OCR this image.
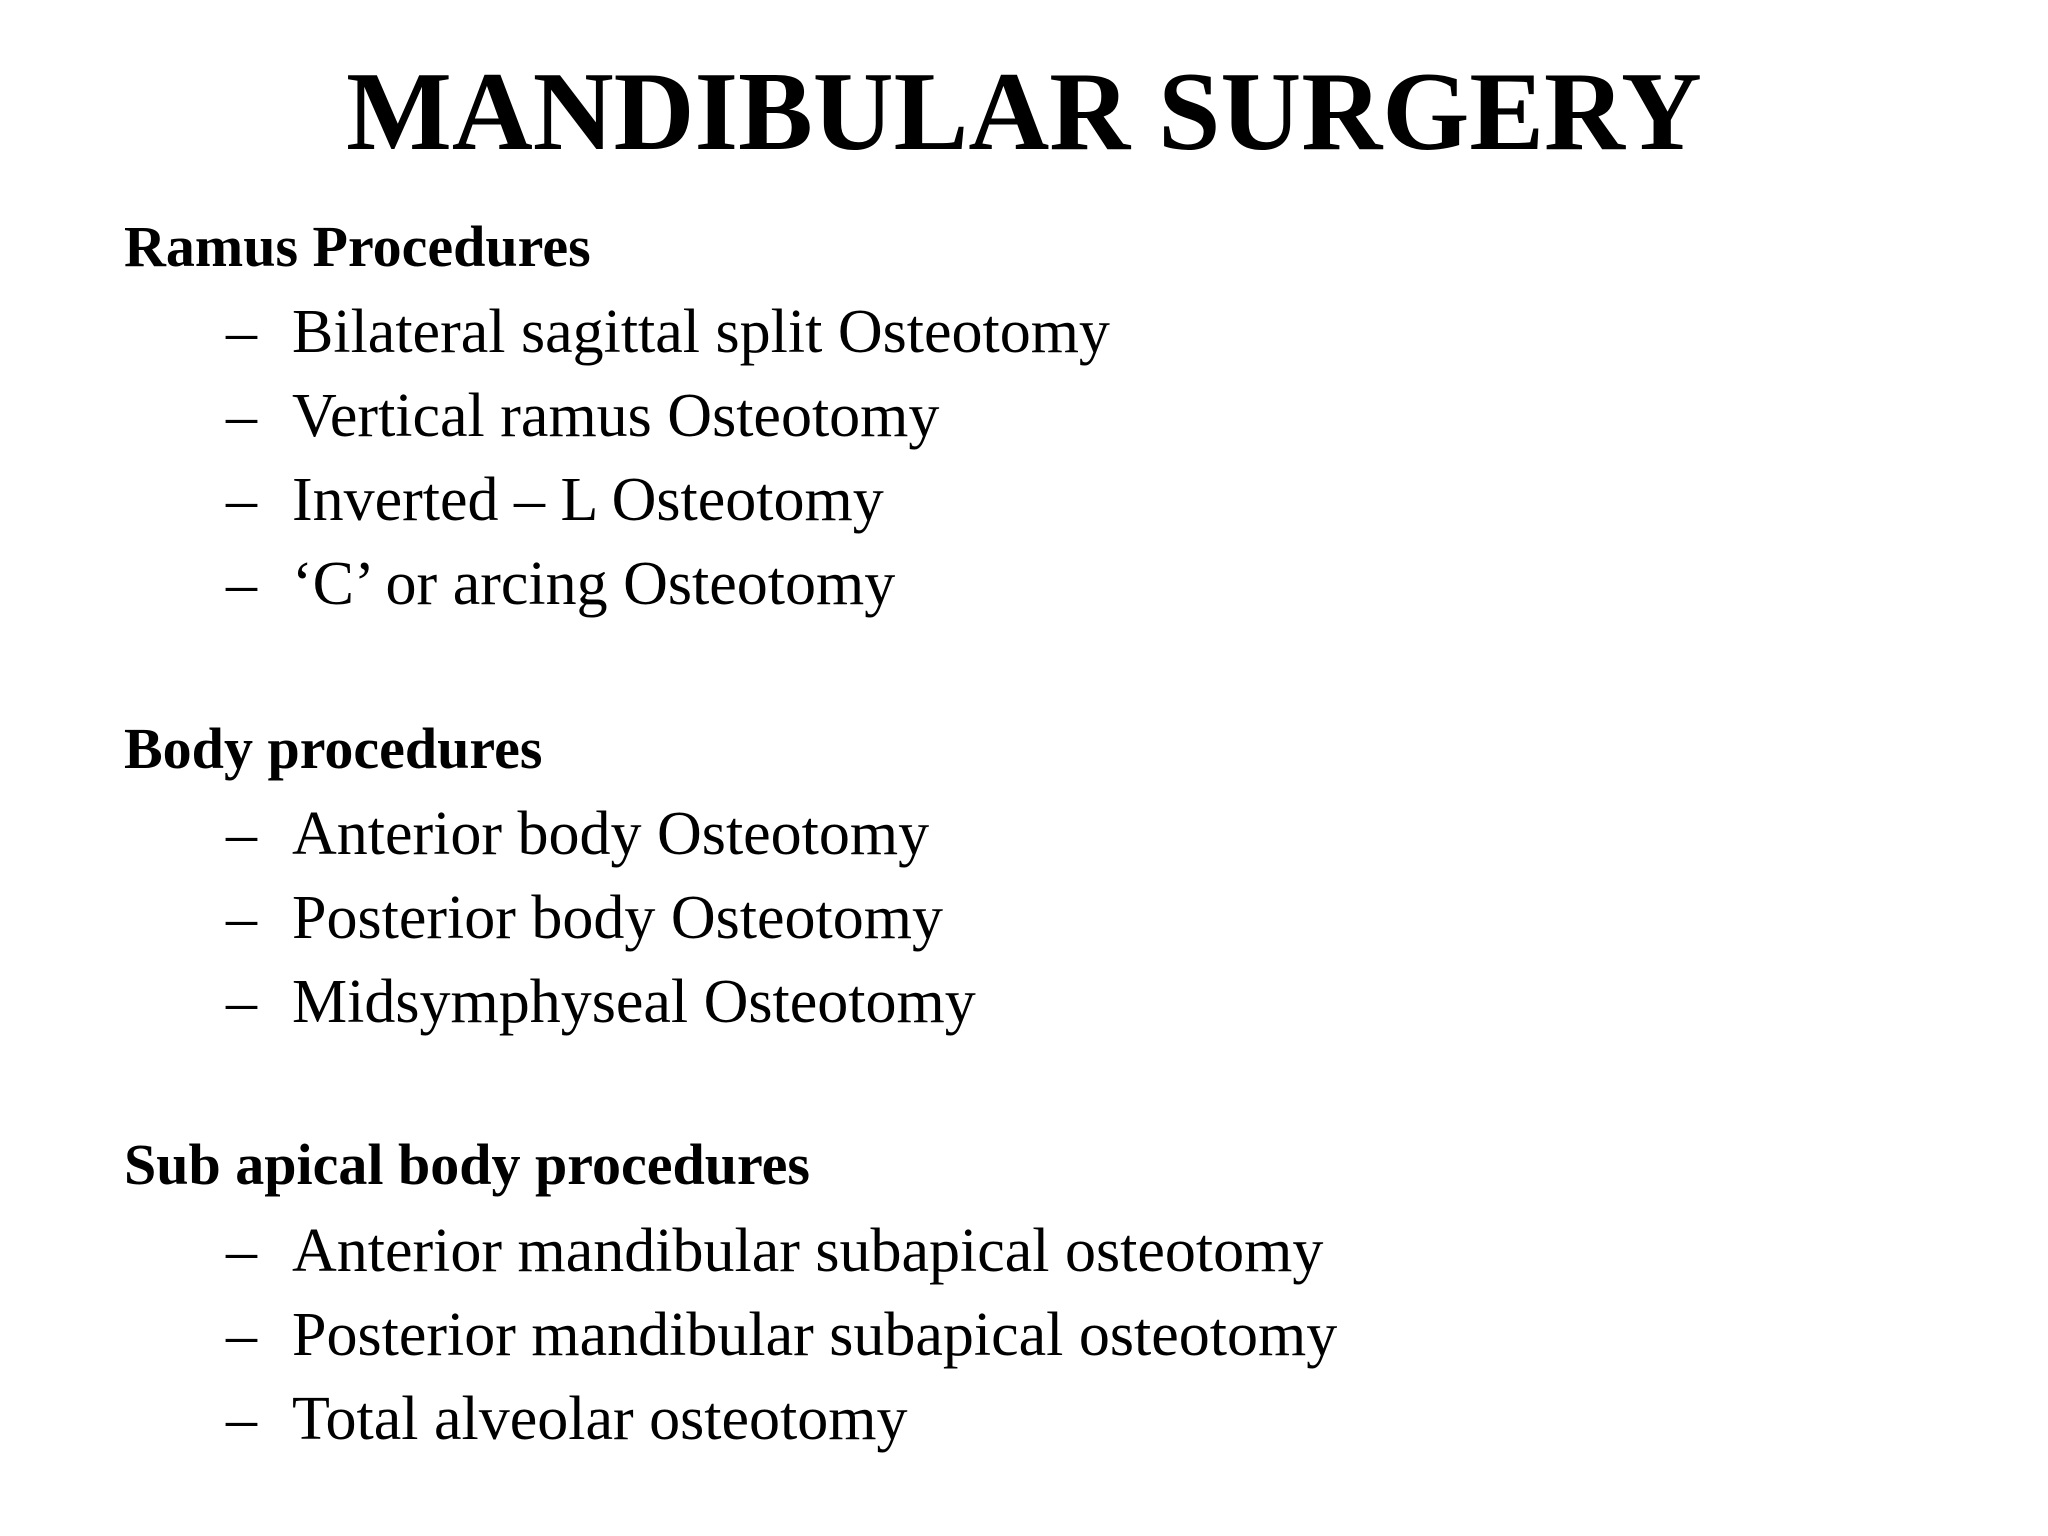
MANDIBULAR SURGERY
Ramus Procedures
– Bilateral sagittal split Osteotomy
– Vertical ramus Osteotomy
– Inverted – L Osteotomy
– ‘C’ or arcing Osteotomy
Body procedures
– Anterior body Osteotomy
– Posterior body Osteotomy
– Midsymphyseal Osteotomy
Sub apical body procedures
– Anterior mandibular subapical osteotomy
– Posterior mandibular subapical osteotomy
– Total alveolar osteotomy
